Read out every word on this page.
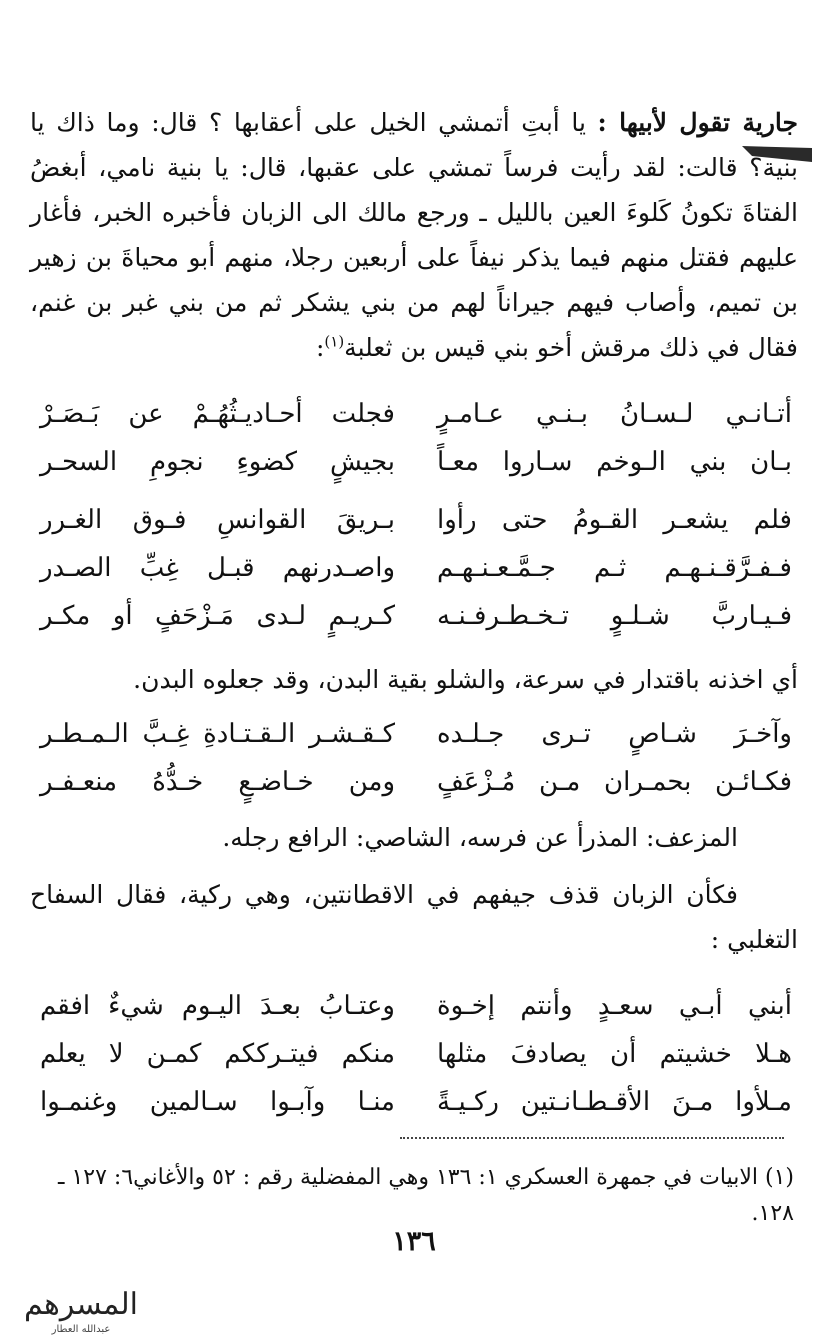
جارية تقول لأبيها : يا أبتِ أتمشي الخيل على أعقابها ؟ قال: وما ذاك يا بنية؟ قالت: لقد رأيت فرساً تمشي على عقبها، قال: يا بنية نامي، أبغضُ الفتاةَ تكونُ كَلوءَ العين بالليل ـ ورجع مالك الى الزبان فأخبره الخبر، فأغار عليهم فقتل منهم فيما يذكر نيفاً على أربعين رجلا، منهم أبو محياةَ بن زهير بن تميم، وأصاب فيهم جيراناً لهم من بني يشكر ثم من بني غبر بن غنم، فقال في ذلك مرقش أخو بني قيس بن ثعلبة$^{(١)}$:

أتـانـي لـسـانُ بـنـي عـامـرٍ
فجلت أحـاديـثُهُـمْ عن بَـصَـرْ
بـان بني الـوخم سـاروا معـاً
بجيشٍ كضوءِ نجومِ السحـر
فلم يشعـر القـومُ حتى رأوا
بـريقَ القوانسِ فـوق الغـرر
فـفـرَّقـنـهـم ثـم جـمَّـعـنـهـم
واصـدرنهم قبـل غِبِّ الصـدر
فـيـاربَّ شـلـوٍ تـخـطـرفـنـه
كـريـمٍ لـدى مَـزْحَفٍ أو مكـر
أي اخذنه باقتدار في سرعة، والشلو بقية البدن، وقد جعلوه البدن.
وآخـرَ شـاصٍ تـرى جـلـده
كـقـشـر الـقـتـادةِ غِـبَّ الـمـطـر
فكـائـن بحمـران مـن مُـزْعَفٍ
ومن خـاضـعٍ خـدُّهُ منعـفـر
المزعف: المذرأ عن فرسه، الشاصي: الرافع رجله.

فكأن الزبان قذف جيفهم في الاقطانتين، وهي ركية، فقال السفاح التغلبي :

أبني أبـي سعـدٍ وأنتم إخـوة
وعتـابُ بعـدَ اليـوم شيءٌ افقم
هـلا خشيتم أن يصادفَ مثلها
منكم فيتـرككم كمـن لا يعلم
مـلأوا مـنَ الأقـطـانـتين ركـيـةً
منـا وآبـوا سـالمين وغنمـوا
(١) الابيات في جمهرة العسكري ١: ١٣٦ وهي المفضلية رقم : ٥٢ والأغاني٦: ١٢٧ ـ ١٢٨.
١٣٦
المسرهم
عبدالله العطار
